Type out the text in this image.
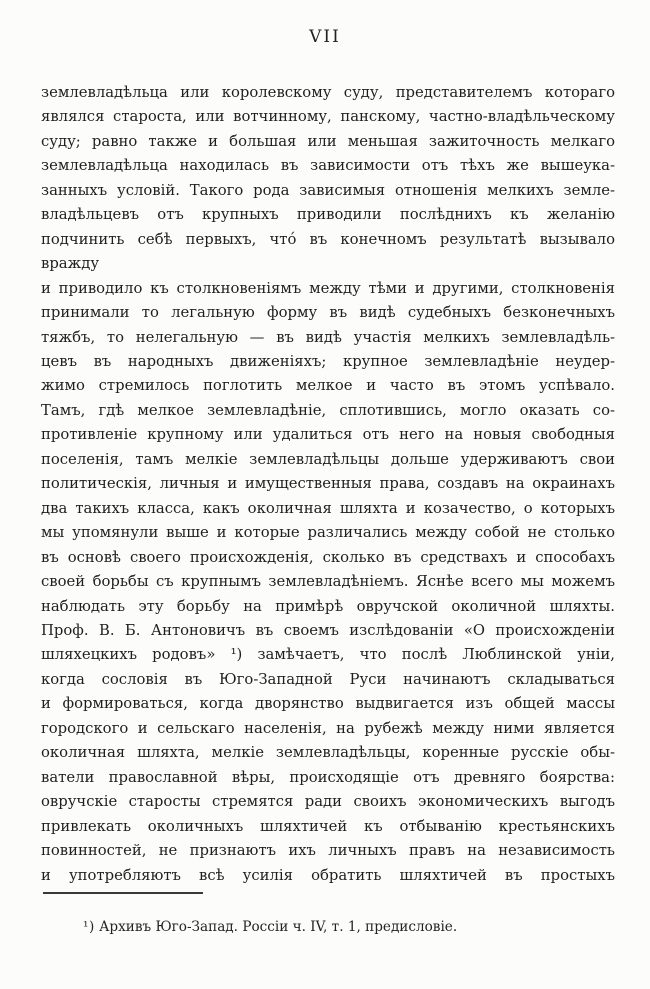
VII
землевладѣльца или королевскому суду, представителемъ котораго
являлся староста, или вотчинному, панскому, частно-владѣльческому
суду; равно также и большая или меньшая зажиточность мелкаго
землевладѣльца находилась въ зависимости отъ тѣхъ же вышеука-
занныхъ условій. Такого рода зависимыя отношенія мелкихъ земле-
владѣльцевъ отъ крупныхъ приводили послѣднихъ къ желанію
подчинить себѣ первыхъ, чтó въ конечномъ результатѣ вызывало вражду
и приводило къ столкновеніямъ между тѣми и другими, столкновенія
принимали то легальную форму въ видѣ судебныхъ безконечныхъ
тяжбъ, то нелегальную — въ видѣ участія мелкихъ землевладѣль-
цевъ въ народныхъ движеніяхъ; крупное землевладѣніе неудер-
жимо стремилось поглотить мелкое и часто въ этомъ успѣвало.
Тамъ, гдѣ мелкое землевладѣніе, сплотившись, могло оказать со-
противленіе крупному или удалиться отъ него на новыя свободныя
поселенія, тамъ мелкіе землевладѣльцы дольше удерживаютъ свои
политическія, личныя и имущественныя права, создавъ на окраинахъ
два такихъ класса, какъ околичная шляхта и козачество, о которыхъ
мы упомянули выше и которые различались между собой не столько
въ основѣ своего происхожденія, сколько въ средствахъ и способахъ
своей борьбы съ крупнымъ землевладѣніемъ. Яснѣе всего мы можемъ
наблюдать эту борьбу на примѣрѣ овручской околичной шляхты.
Проф. В. Б. Антоновичъ въ своемъ изслѣдованіи «О происхожденіи
шляхецкихъ родовъ» ¹) замѣчаетъ, что послѣ Люблинской уніи,
когда сословія въ Юго-Западной Руси начинаютъ складываться
и формироваться, когда дворянство выдвигается изъ общей массы
городского и сельскаго населенія, на рубежѣ между ними является
околичная шляхта, мелкіе землевладѣльцы, коренные русскіе обы-
ватели православной вѣры, происходящіе отъ древняго боярства:
овручскіе старосты стремятся ради своихъ экономическихъ выгодъ
привлекать околичныхъ шляхтичей къ отбыванію крестьянскихъ
повинностей, не признаютъ ихъ личныхъ правъ на независимость
и употребляютъ всѣ усилія обратить шляхтичей въ простыхъ
¹) Архивъ Юго-Запад. Россіи ч. IV, т. 1, предисловіе.
